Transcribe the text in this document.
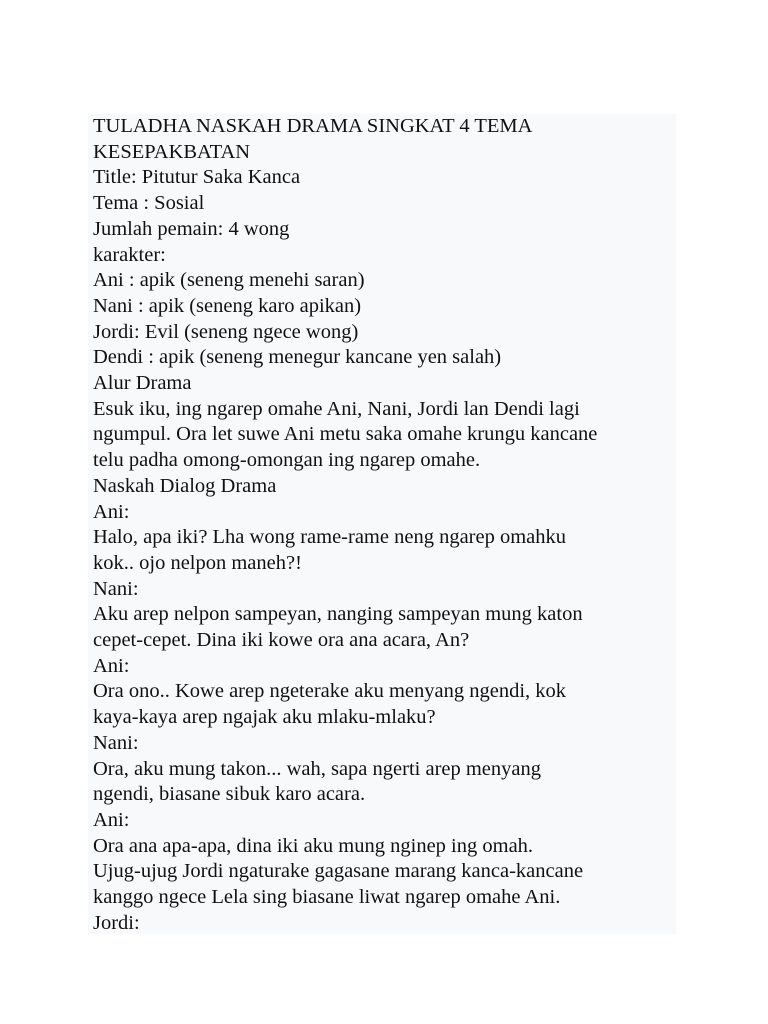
TULADHA NASKAH DRAMA SINGKAT 4 TEMA
KESEPAKBATAN
Title: Pitutur Saka Kanca
Tema : Sosial
Jumlah pemain: 4 wong
karakter:
Ani : apik (seneng menehi saran)
Nani : apik (seneng karo apikan)
Jordi: Evil (seneng ngece wong)
Dendi : apik (seneng menegur kancane yen salah)
Alur Drama
Esuk iku, ing ngarep omahe Ani, Nani, Jordi lan Dendi lagi
ngumpul. Ora let suwe Ani metu saka omahe krungu kancane
telu padha omong-omongan ing ngarep omahe.
Naskah Dialog Drama
Ani:
Halo, apa iki? Lha wong rame-rame neng ngarep omahku
kok.. ojo nelpon maneh?!
Nani:
Aku arep nelpon sampeyan, nanging sampeyan mung katon
cepet-cepet. Dina iki kowe ora ana acara, An?
Ani:
Ora ono.. Kowe arep ngeterake aku menyang ngendi, kok
kaya-kaya arep ngajak aku mlaku-mlaku?
Nani:
Ora, aku mung takon... wah, sapa ngerti arep menyang
ngendi, biasane sibuk karo acara.
Ani:
Ora ana apa-apa, dina iki aku mung nginep ing omah.
Ujug-ujug Jordi ngaturake gagasane marang kanca-kancane
kanggo ngece Lela sing biasane liwat ngarep omahe Ani.
Jordi:
